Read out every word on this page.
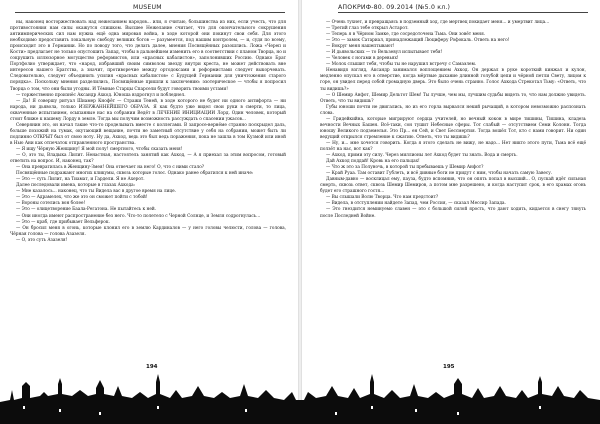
MUSEUM

ны, наконец восторжествовать над нежеланием народов... или, я считаю, большинства из них, если учесть, что для противостояния нам силы окажутся слишком. Высшее Нежелание считает, что для окончательного сокрушения антиимперических сил нам нужна ещё одна мировая война, в ходе которой они покинут свои себя. Для этого необходимо предоставить локальную свободу великих богов — разумеется, под нашим контролем, — и, судя по всему, происходит это в Германии. Но по поводу того, что делать далее, мнения Посвящённых разошлись. Ложа «Череп и Кости» предлагает не только опустошить Запад, чтобы в дальнейшем изменить его в соответствии с планом Творца, но и сокрушить иллюзорное могущество реформистов, или «красных кабалистов», заполонивших Россию. Однако Брат Портфолио утверждает, что «народ, избравший своим символом звезду внутри креста, не может действовать вне интересов нашего Братства, а значит, противоречие между ортодоксами и реформистами следует выкорчевать. Следовательно, следует объединить усилия «красных кабалистов» с Будущей Германии для уничтожения старого порядка». Поскольку мнения разделились, Посвящённые пришли к заключению: эзотерическое — чтобы я попросил Творца о том, что они были угодны. И Тёмные Старцы Спарсели будут говорить твоими устами!

— торжественно произнёс Аксандр Ахкод. Юноша вздрогнул и побледнел.

— Да! Я совершу ритуал Шиамер Кнофёт — Стражи Теней, в ходе которого не будет ни одного антифорта — ни народа, ни дьявола, только ИЗЕРЖАННЕЙШЕГО ОБРАЗА. Я как будто уже видел свои руки в смерти, то лица, охваченные испытанием, осыпанные нас на собрании Ведёт в ЛЕЧЕНИЕ ИНИЦИАЦИИ Лорд. Один человек, который стоит ближе к нашему Лорду в земле. Тогда мы получим возможность рассуждать о спасении ужасов...

Северянин это, он начал такие что-то проделывать вместе с коллегами. В запросе-вернёме странно поскрыдел даль, больше похожий на тумак, окутающий вещание, почти не заметный отсутствие у себя на собрании, может быть ли подлинно ОТКРЫТ был от свою ноту. Ну да, Ахкод, ведь это был ведь поражения, пока не зашла в том Кузмой или иной в Нью Ани как отпечаток отправленного пространства.

— Я ищу Чёрную Женщину! Я мой полу! смертного, чтобы сказать меня!

— О, это ты, Владыка Лилит. Ненастная, настоятель занятий как Ахкод, — А я приехал за этим вопросом, готовый ответить на вопрос. И, наконец, так?

— Она превратилась в Женщину-Змея! Она отвечает на него! О, что с ними стало?

Посвящённые подражают многих кликумы, сквозь которые голос. Однако ранее обратился к ней иначе:

— Это — суть Лилит, на Тиамат, и Гардели. Я не Ахерот.

Далее последовали имена, которые в глазах Ахкода:

— Мне казалось... наконец, что ты Видела вас в другое время на лице.

— Это — Адрамелех, что же это он сможет пойти с тобой!

— Вороны сотелись вон более!

— Это — олицетворение Баала-Регатона. Не пытайтесь к ней.

— Они иногда имеют распространение без него. Что-то полетело с Черной Солнце, и Земля содрогнулась...

— Это — краб, где прибывает Вельферок.

— Он бросил меня в огонь, которые клонил его в землю Кардиналов — у него головы челюсти, голова — голова, Чёрная голова — голова Азазеля.

— О, это суть Азазеля!

194
АПОКРИФ-80. 09.2014 (№5.0 кл.)

— Очень тухнет, и превращаясь в подземный ход, где мертвец покидает меня... и умертвит лица...

— Третий глаз тебе открыл Астарот.

— Теперь я в Чёрном Замке, где сосредоточена Тьма. Они зовёт меня.

— Это — замок Сатариал, принадлежащий Люциферу Рофокаль. Ответь на него!

— Вокруг меня нашептывают!

— И дьявольских — то Вельзевул испытывает тебя!

— Человек с ногами в деревьях!

— Молох слышит тебя, чтобы ты не нарушил встречу с Самаэлем.

Ненавидя взгляд, Аксандр занимался воплощением Ахкод. Он держал в руке короткий кинжал и кулон, медленно опускал его в отверстие, когда мёртвые дыхание длинной голубой цепи и чёрной петли Свету, лицом к горе, он увидел перед собой громадную дверь. Это было очень странно. Голос Ахкода Стрекотал Тьму: «Ответь, что ты видишь?»

— О Шемир Анфот, Шемир Дельтот Шем! Ты лучше, чем мы, лучшим судьбы видеть то, что нам должно увидеть. Ответь, что ты видишь?

Губы юноши почти не двигались, но из его горла вырвался некий рычащий, в котором невозможно распознать слова.

— Гридейкийна, которые мигрируют сердца учителей, но вечный кокон в мире тишины, Тишина, кладезь вечности Вечных Башен. Всё-таки, сон тушит Небесные сферы. Тот слабый — отсутствием Семи Колонн. Тогда юношу Великого подземелья. Это Пр... ен Сей, и Свет Бессмертия. Тогда вошёл Тот, кто с нами говорит. Ни один ведущий открылся стремление к сжатию. Ответь, что ты видишь?

— Ну, и... мне хочется говорить. Когда я этого сделать не вижу, не надо... Нет никто этого пути, Тьма всё ещё ползёт на нас, вот как?

— Ахкод, прими эту силу. Через миллионы лет Ахкод будет ты знать. Вода и смерть.

Дай Ахкод поддай! Кровь на его пальцах!

— Что ж это за Полуночь, в которой ты пребываешь у Шемир Анфот?

— Край Руаа. Там оставит Гублеть, и всё дивные боги не придут с ним, чтобы начать самую Завесу.

Давным-давно — восклицал ему, пауза, будто вспомнив, что он опять попал в высший... О, пускай идёт сильная смерть, сквозь ответ, сквозь Шемир Шемиров, а потом мне разрешено, и когда наступит срок, в его храмах огонь будет его страшного гостя...

— Вы слышали Волю Творца. Что нам предстоит?

— Видела, в отступлении найдете Запад, чем Россия, — сказал Мессир Запада.

— Это гнездится неминуемо славен — это с большой силой ярость, что дают ходить, кидается в снегу тянуть после Последней Войне.

195
